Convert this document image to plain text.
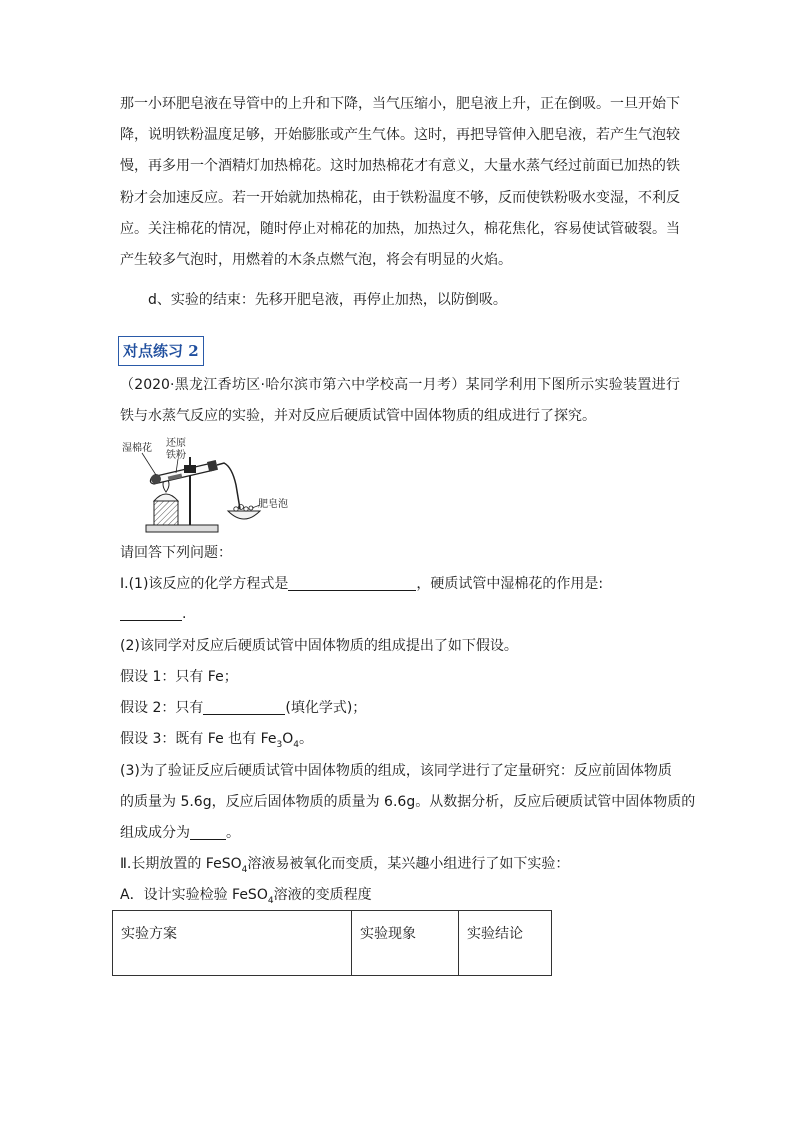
那一小环肥皂液在导管中的上升和下降，当气压缩小，肥皂液上升，正在倒吸。一旦开始下降，说明铁粉温度足够，开始膨胀或产生气体。这时，再把导管伸入肥皂液，若产生气泡较慢，再多用一个酒精灯加热棉花。这时加热棉花才有意义，大量水蒸气经过前面已加热的铁粉才会加速反应。若一开始就加热棉花，由于铁粉温度不够，反而使铁粉吸水变湿，不利反应。关注棉花的情况，随时停止对棉花的加热，加热过久，棉花焦化，容易使试管破裂。当产生较多气泡时，用燃着的木条点燃气泡，将会有明显的火焰。

d、实验的结束：先移开肥皂液，再停止加热，以防倒吸。
对点练习 2

（2020·黑龙江香坊区·哈尔滨市第六中学校高一月考）某同学利用下图所示实验装置进行铁与水蒸气反应的实验，并对反应后硬质试管中固体物质的组成进行了探究。

湿棉花 还原
铁粉
肥皂泡
请回答下列问题：
Ⅰ.(1)该反应的化学方程式是	，硬质试管中湿棉花的作用是:
.
(2)该同学对反应后硬质试管中固体物质的组成提出了如下假设。
假设 1：只有 Fe；
假设 2：只有	(填化学式)；
假设 3：既有 Fe 也有 $Fe_3O_4$。
(3)为了验证反应后硬质试管中固体物质的组成，该同学进行了定量研究：反应前固体物质
的质量为 5.6g，反应后固体物质的质量为 6.6g。从数据分析，反应后硬质试管中固体物质的
组成成分为	。
Ⅱ.长期放置的 FeSO$_4$溶液易被氧化而变质，某兴趣小组进行了如下实验：
A．设计实验检验 FeSO$_4$溶液的变质程度
实验方案	实验现象	实验结论
